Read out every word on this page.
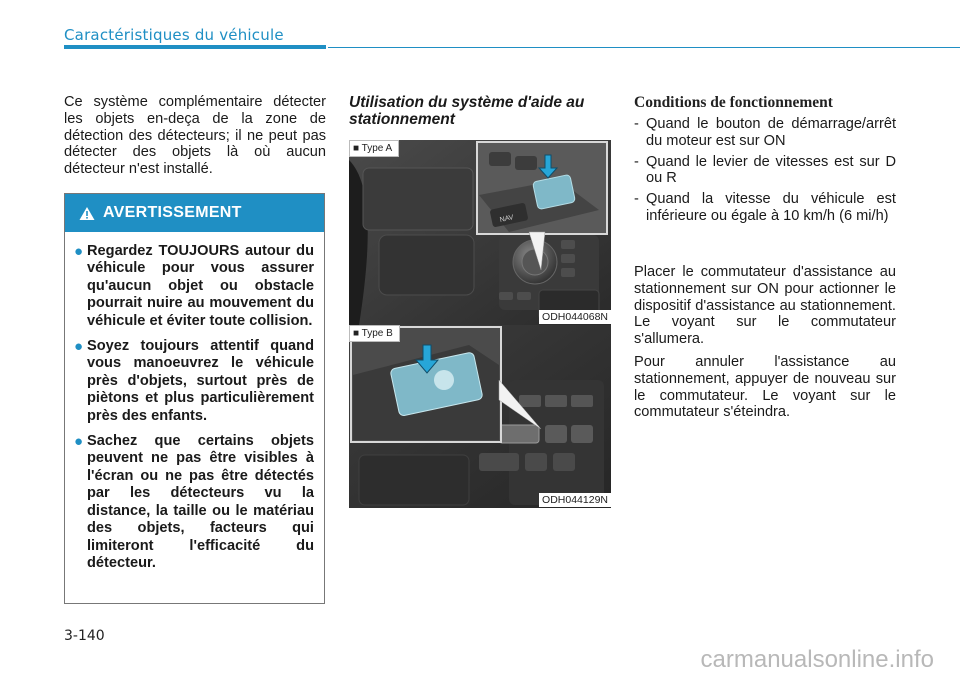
Caractéristiques du véhicule

Ce système complémentaire détecter les objets en-deça de la zone de détection des détecteurs; il ne peut pas détecter des objets là où aucun détecteur n'est installé.

AVERTISSEMENT
● Regardez TOUJOURS autour du véhicule pour vous assurer qu'aucun objet ou obstacle pourrait nuire au mouvement du véhicule et éviter toute collision.
● Soyez toujours attentif quand vous manoeuvrez le véhicule près d'objets, surtout près de piètons et plus particulièrement près des enfants.
● Sachez que certains objets peuvent ne pas être visibles à l'écran ou ne pas être détectés par les détecteurs vu la distance, la taille ou le matériau des objets, facteurs qui limiteront l'efficacité du détecteur.
Utilisation du système d'aide au stationnement
NAV
■ Type A
ODH044068N
■ Type B
ODH044129N
Conditions de fonctionnement
- Quand le bouton de démarrage/arrêt du moteur est sur ON
- Quand le levier de vitesses est sur D ou R
- Quand la vitesse du véhicule est inférieure ou égale à 10 km/h (6 mi/h)

Placer le commutateur d'assistance au stationnement sur ON pour actionner le dispositif d'assistance au stationnement. Le voyant sur le commutateur s'allumera.

Pour annuler l'assistance au stationnement, appuyer de nouveau sur le commutateur. Le voyant sur le commutateur s'éteindra.

3-140
carmanualsonline.info
